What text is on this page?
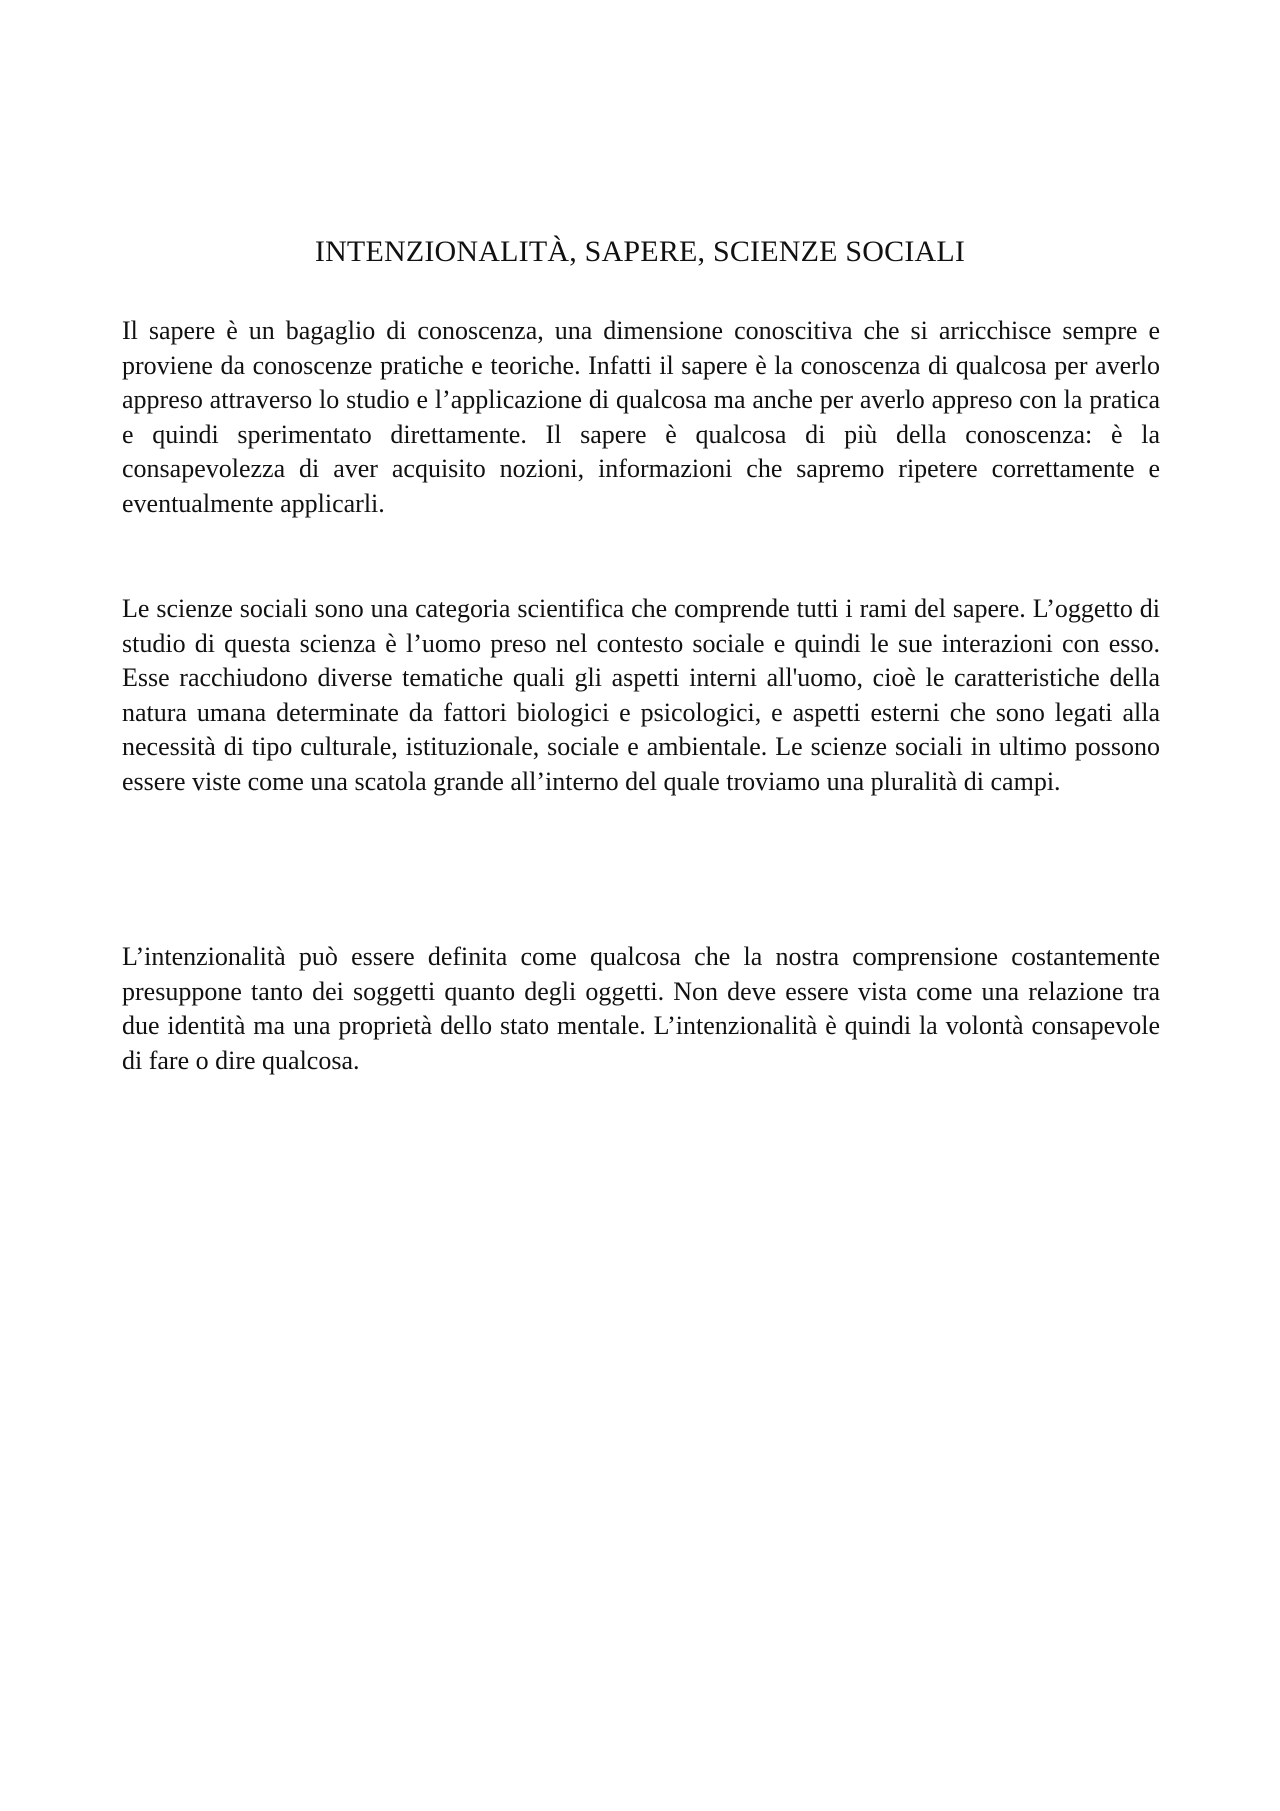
INTENZIONALITÀ, SAPERE, SCIENZE SOCIALI

Il sapere è un bagaglio di conoscenza, una dimensione conoscitiva che si arricchisce sempre e proviene da conoscenze pratiche e teoriche. Infatti il sapere è la conoscenza di qualcosa per averlo appreso attraverso lo studio e l’applicazione di qualcosa ma anche per averlo appreso con la pratica e quindi sperimentato direttamente. Il sapere è qualcosa di più della conoscenza: è la consapevolezza di aver acquisito nozioni, informazioni che sapremo ripetere correttamente e eventualmente applicarli.

Le scienze sociali sono una categoria scientifica che comprende tutti i rami del sapere. L’oggetto di studio di questa scienza è l’uomo preso nel contesto sociale e quindi le sue interazioni con esso. Esse racchiudono diverse tematiche quali gli aspetti interni all'uomo, cioè le caratteristiche della natura umana determinate da fattori biologici e psicologici, e aspetti esterni che sono legati alla necessità di tipo culturale, istituzionale, sociale e ambientale. Le scienze sociali in ultimo possono essere viste come una scatola grande all’interno del quale troviamo una pluralità di campi.

L’intenzionalità può essere definita come qualcosa che la nostra comprensione costantemente presuppone tanto dei soggetti quanto degli oggetti. Non deve essere vista come una relazione tra due identità ma una proprietà dello stato mentale. L’intenzionalità è quindi la volontà consapevole di fare o dire qualcosa.
